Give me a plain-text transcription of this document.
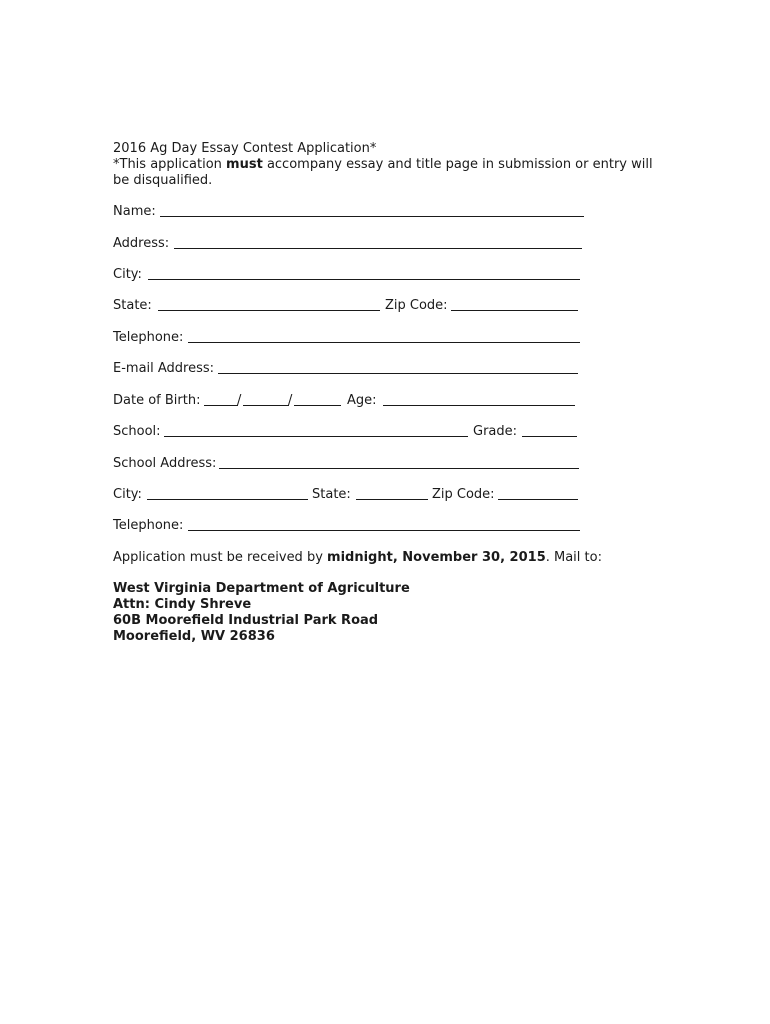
2016 Ag Day Essay Contest Application*
*This application must accompany essay and title page in submission or entry will
be disqualified.
Name:
Address:
City:
State:	Zip Code:
Telephone:
E-mail Address:
Date of Birth:	/	/	Age:
School:	Grade:
School Address:
City:	State:	Zip Code:
Telephone:
Application must be received by midnight, November 30, 2015. Mail to:
West Virginia Department of Agriculture
Attn: Cindy Shreve
60B Moorefield Industrial Park Road
Moorefield, WV 26836
